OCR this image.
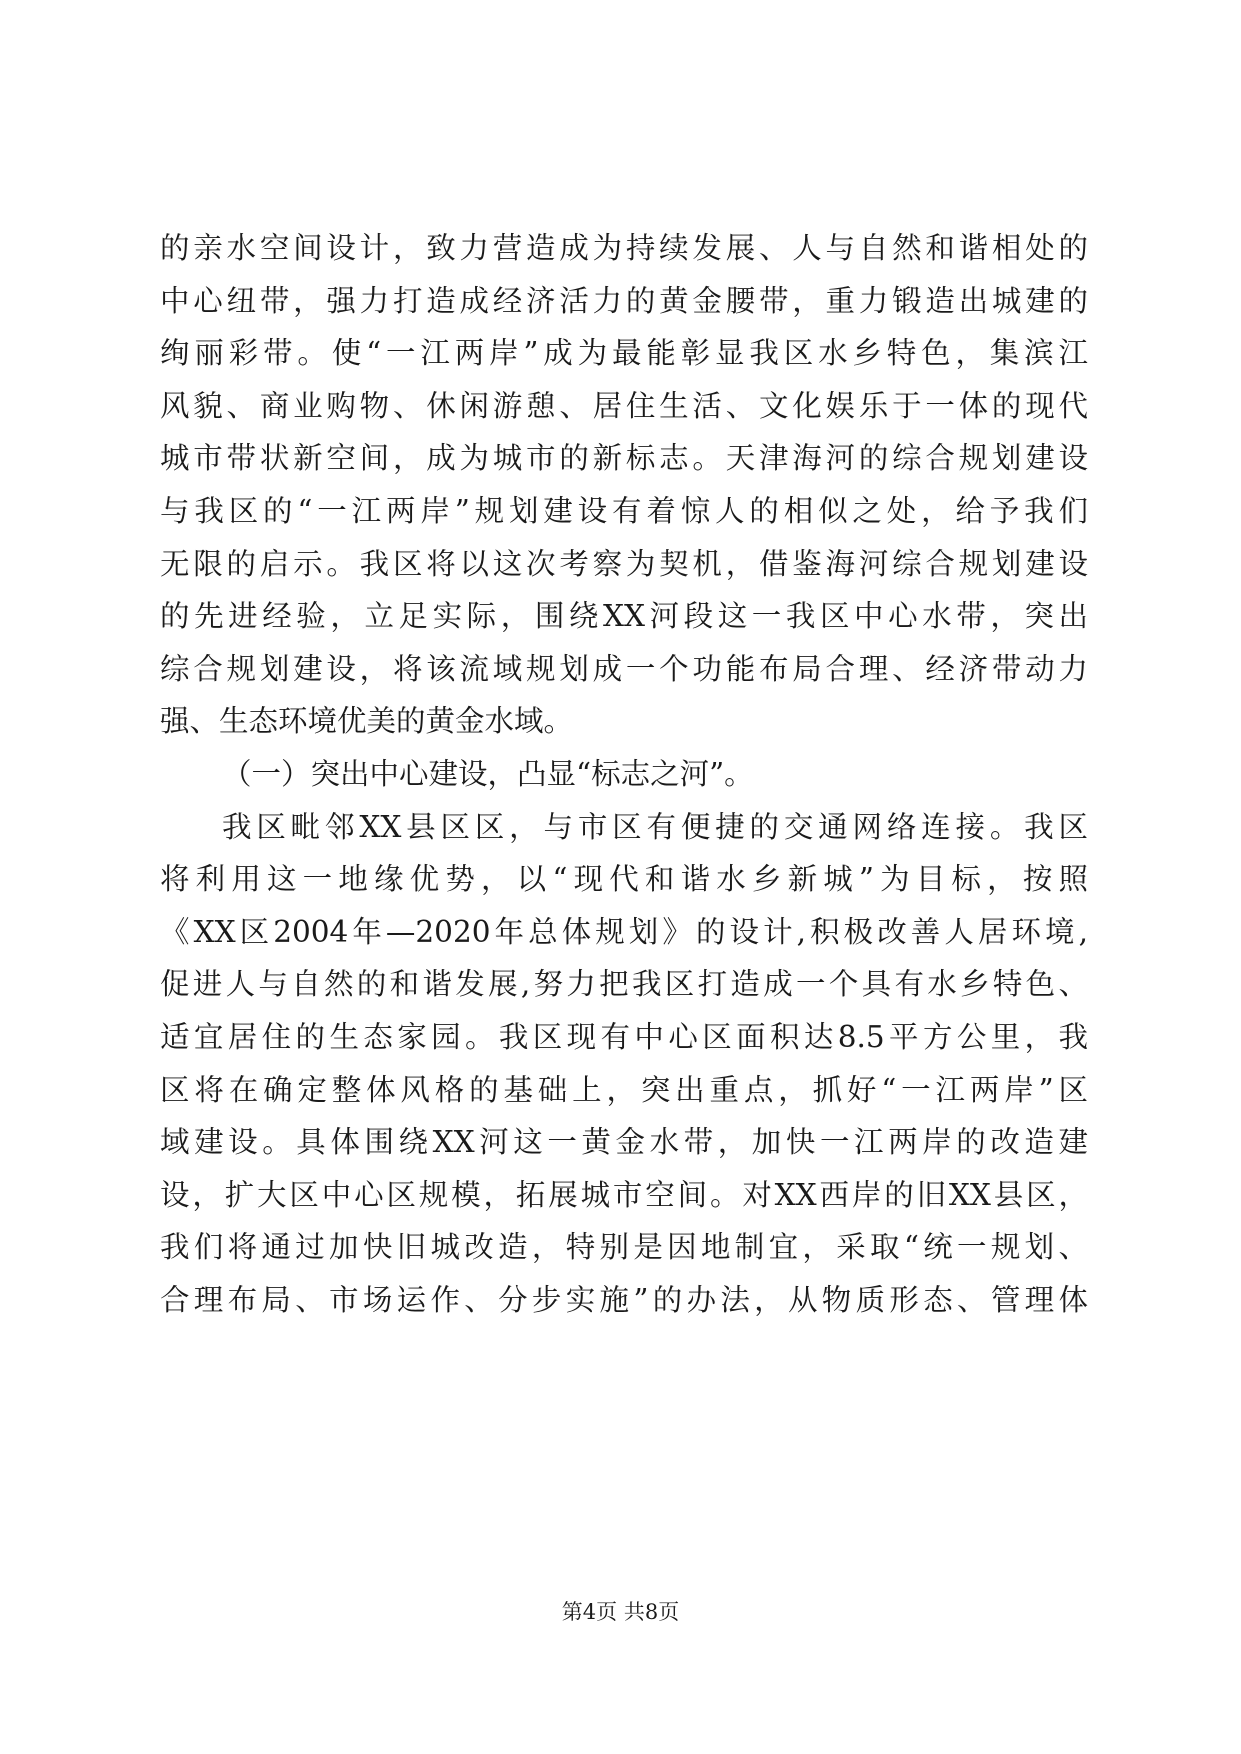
的亲水空间设计，致力营造成为持续发展、人与自然和谐相处的
中心纽带，强力打造成经济活力的黄金腰带，重力锻造出城建的
绚丽彩带。使“一江两岸”成为最能彰显我区水乡特色，集滨江
风貌、商业购物、休闲游憩、居住生活、文化娱乐于一体的现代
城市带状新空间，成为城市的新标志。天津海河的综合规划建设
与我区的“一江两岸”规划建设有着惊人的相似之处，给予我们
无限的启示。我区将以这次考察为契机，借鉴海河综合规划建设
的先进经验，立足实际，围绕XX河段这一我区中心水带，突出
综合规划建设，将该流域规划成一个功能布局合理、经济带动力
强、生态环境优美的黄金水域。
（一）突出中心建设，凸显“标志之河”。
我区毗邻XX县区区，与市区有便捷的交通网络连接。我区
将利用这一地缘优势，以“现代和谐水乡新城”为目标，按照
《XX区2004年—2020年总体规划》的设计,积极改善人居环境,
促进人与自然的和谐发展,努力把我区打造成一个具有水乡特色、
适宜居住的生态家园。我区现有中心区面积达8.5平方公里，我
区将在确定整体风格的基础上，突出重点，抓好“一江两岸”区
域建设。具体围绕XX河这一黄金水带，加快一江两岸的改造建
设，扩大区中心区规模，拓展城市空间。对XX西岸的旧XX县区，
我们将通过加快旧城改造，特别是因地制宜，采取“统一规划、
合理布局、市场运作、分步实施”的办法，从物质形态、管理体
第4页 共8页
